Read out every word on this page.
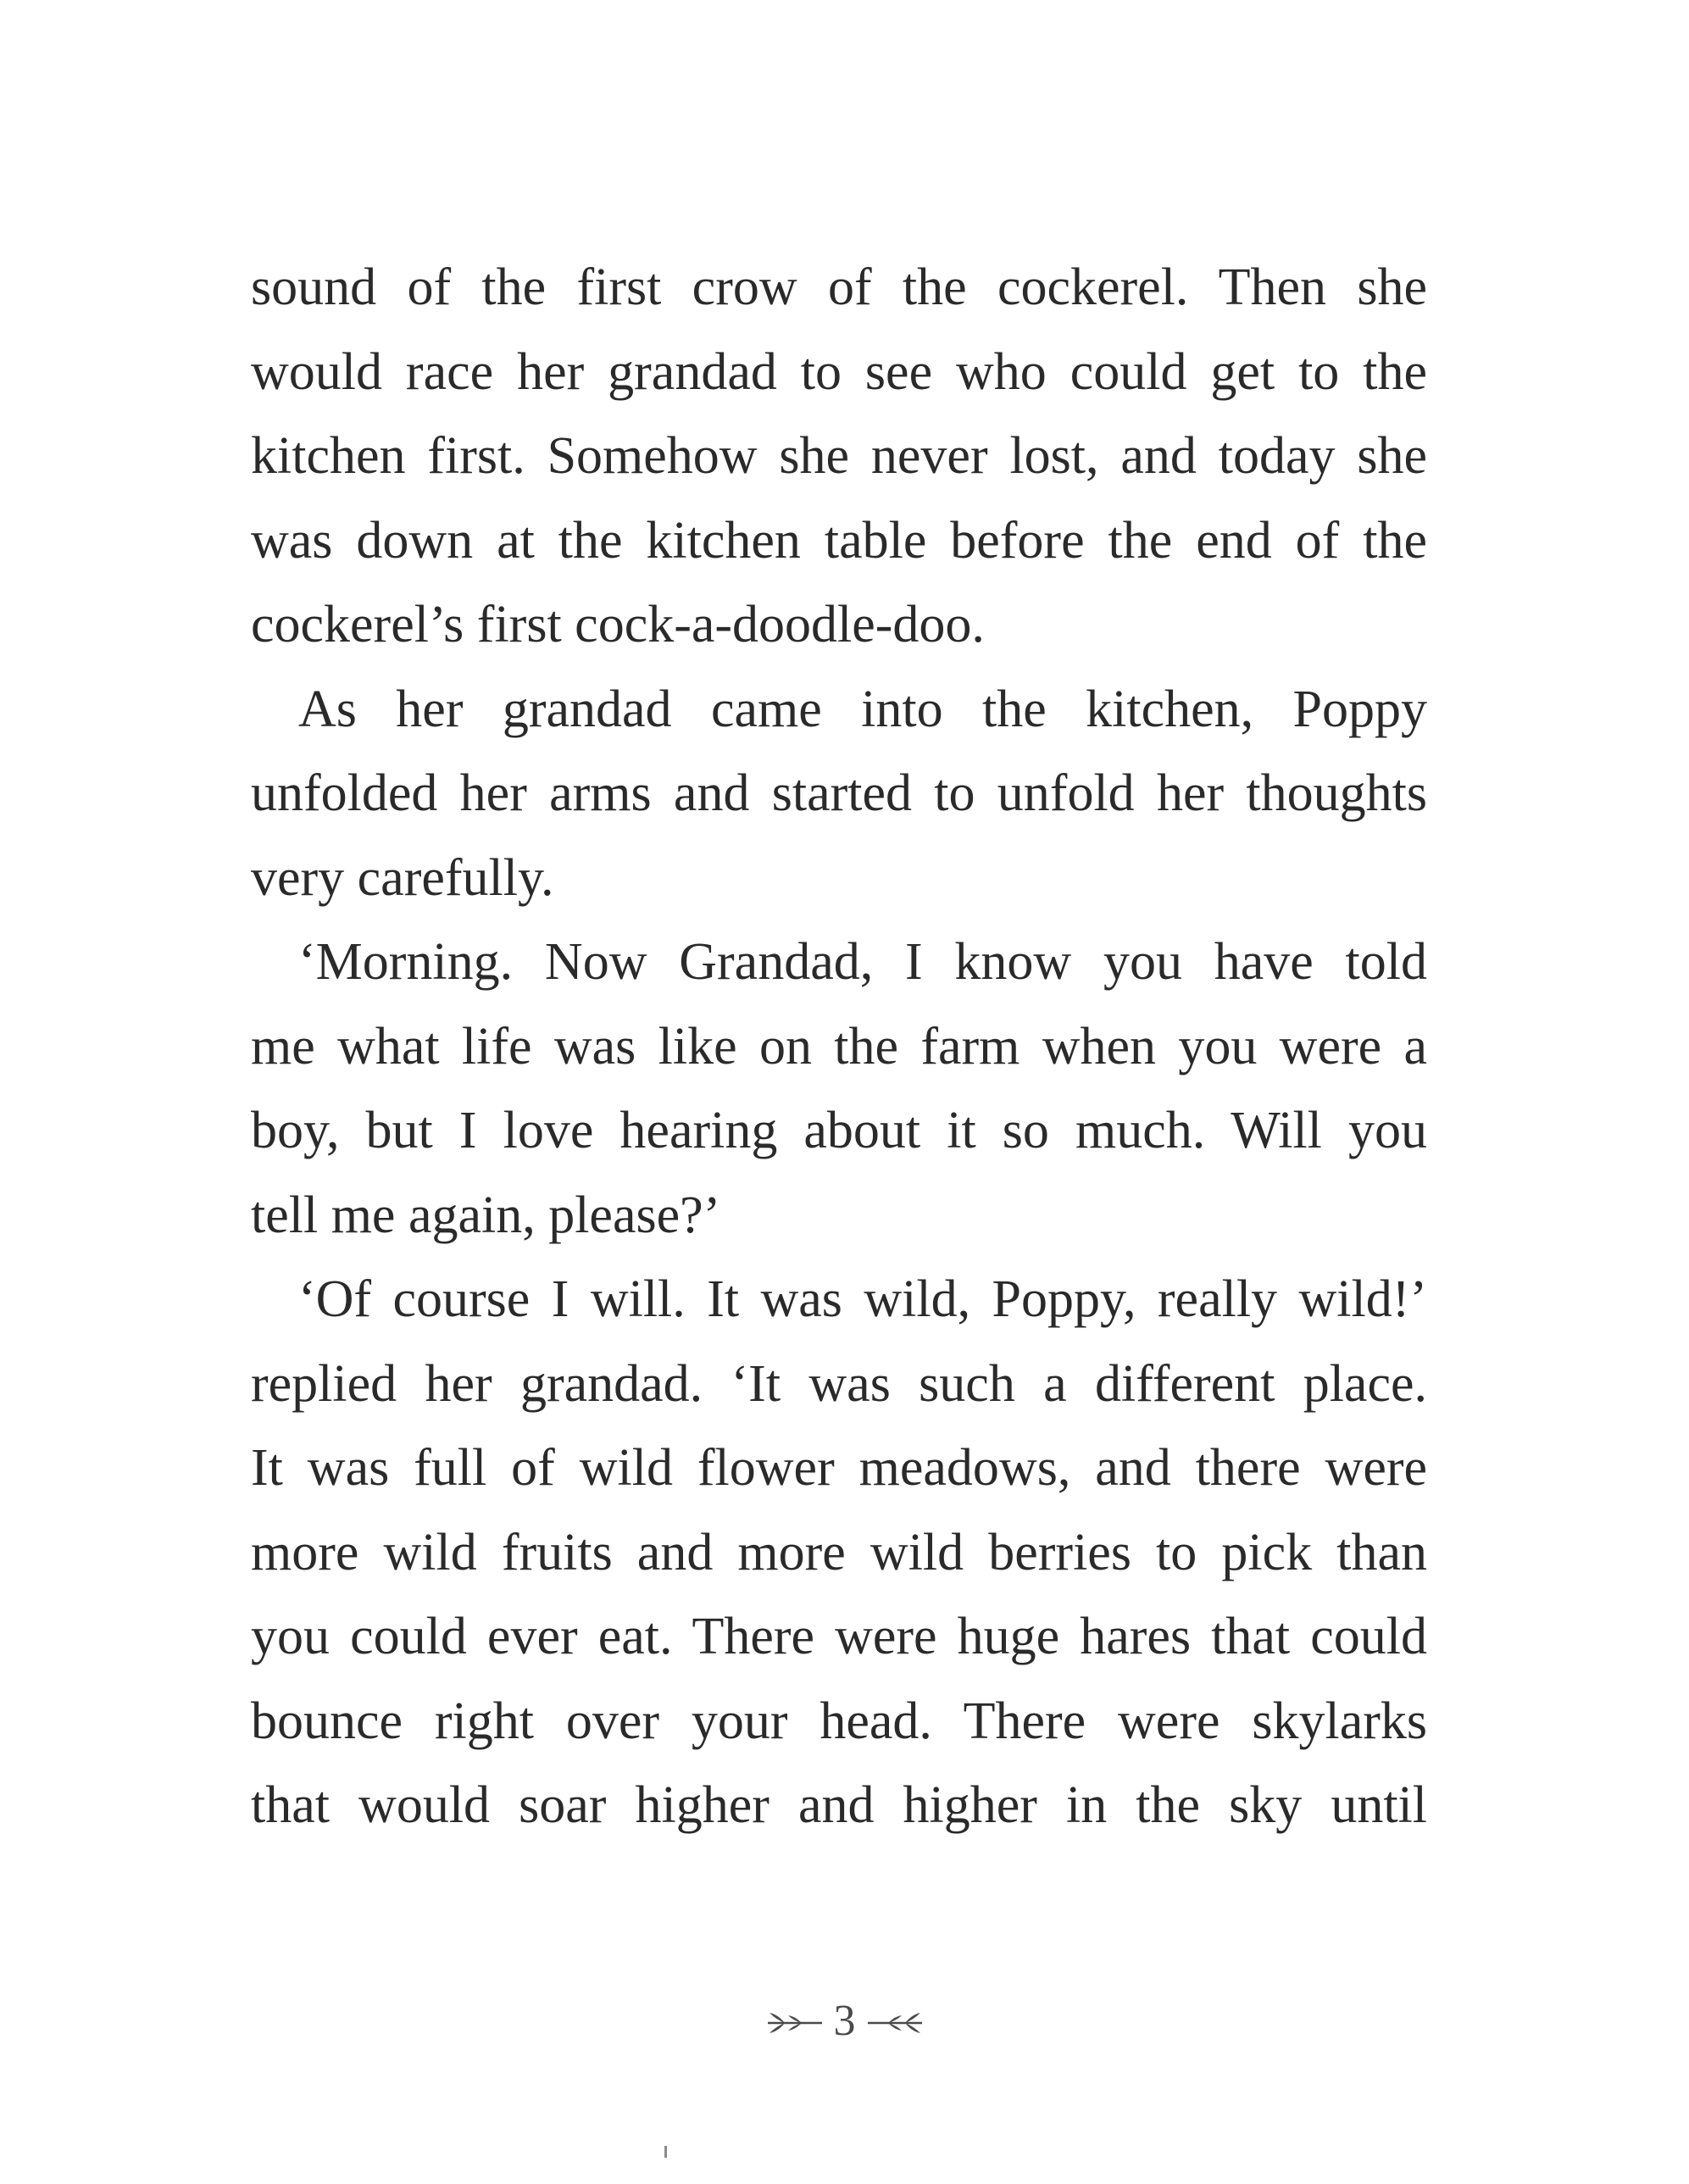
sound of the first crow of the cockerel. Then she
would race her grandad to see who could get to the
kitchen first. Somehow she never lost, and today she
was down at the kitchen table before the end of the
cockerel’s first cock-a-doodle-doo.
As her grandad came into the kitchen, Poppy
unfolded her arms and started to unfold her thoughts
very carefully.
‘Morning. Now Grandad, I know you have told
me what life was like on the farm when you were a
boy, but I love hearing about it so much. Will you
tell me again, please?’
‘Of course I will. It was wild, Poppy, really wild!’
replied her grandad. ‘It was such a different place.
It was full of wild flower meadows, and there were
more wild fruits and more wild berries to pick than
you could ever eat. There were huge hares that could
bounce right over your head. There were skylarks
that would soar higher and higher in the sky until
3
